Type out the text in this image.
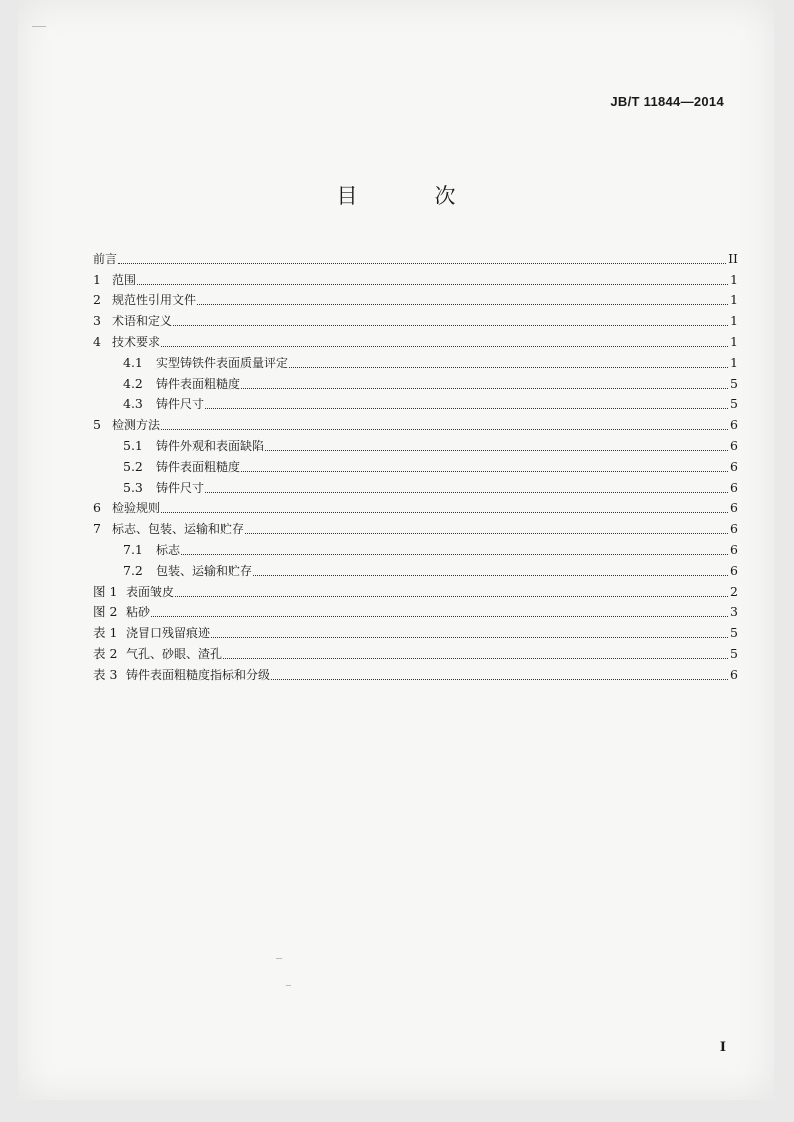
JB/T 11844—2014
目　次
前言	II
1 范围	1
2 规范性引用文件	1
3 术语和定义	1
4 技术要求	1
4.1	实型铸铁件表面质量评定	1
4.2	铸件表面粗糙度	5
4.3	铸件尺寸	5
5 检测方法	6
5.1	铸件外观和表面缺陷	6
5.2	铸件表面粗糙度	6
5.3	铸件尺寸	6
6 检验规则	6
7 标志、包装、运输和贮存	6
7.1	标志	6
7.2	包装、运输和贮存	6
图 1 表面皱皮	2
图 2 粘砂	3
表 1 浇冒口残留痕迹	5
表 2 气孔、砂眼、渣孔	5
表 3 铸件表面粗糙度指标和分级	6
I
